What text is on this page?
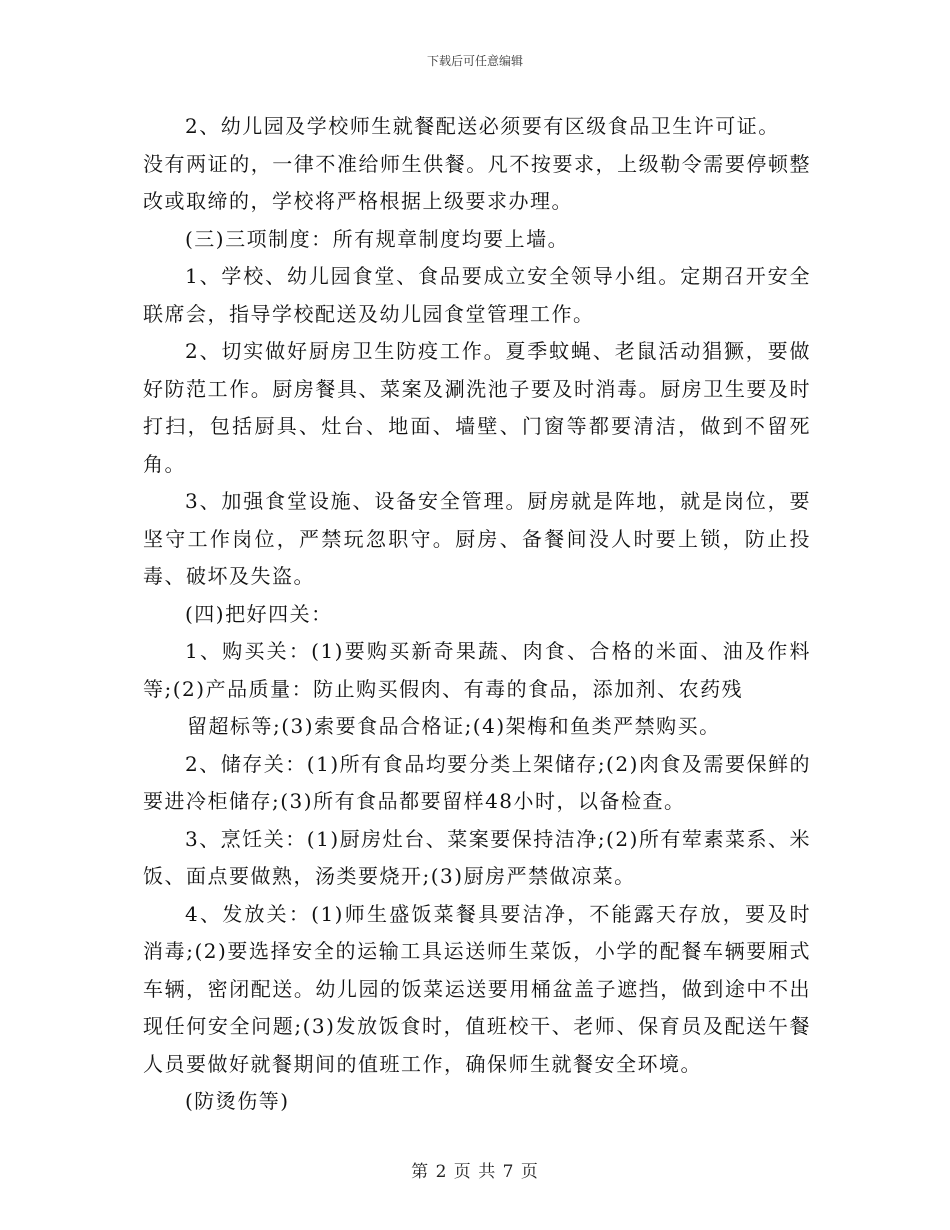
下载后可任意编辑

2、幼儿园及学校师生就餐配送必须要有区级食品卫生许可证。

没有两证的，一律不准给师生供餐。凡不按要求，上级勒令需要停顿整改或取缔的，学校将严格根据上级要求办理。

(三)三项制度：所有规章制度均要上墙。

1、学校、幼儿园食堂、食品要成立安全领导小组。定期召开安全联席会，指导学校配送及幼儿园食堂管理工作。

2、切实做好厨房卫生防疫工作。夏季蚊蝇、老鼠活动猖獗，要做好防范工作。厨房餐具、菜案及涮洗池子要及时消毒。厨房卫生要及时打扫，包括厨具、灶台、地面、墙壁、门窗等都要清洁，做到不留死角。

3、加强食堂设施、设备安全管理。厨房就是阵地，就是岗位，要坚守工作岗位，严禁玩忽职守。厨房、备餐间没人时要上锁，防止投毒、破坏及失盗。

(四)把好四关：

1、购买关：(1)要购买新奇果蔬、肉食、合格的米面、油及作料等;(2)产品质量：防止购买假肉、有毒的食品，添加剂、农药残

留超标等;(3)索要食品合格证;(4)架梅和鱼类严禁购买。

2、储存关：(1)所有食品均要分类上架储存;(2)肉食及需要保鲜的要进冷柜储存;(3)所有食品都要留样48小时，以备检查。

3、烹饪关：(1)厨房灶台、菜案要保持洁净;(2)所有荤素菜系、米饭、面点要做熟，汤类要烧开;(3)厨房严禁做凉菜。

4、发放关：(1)师生盛饭菜餐具要洁净，不能露天存放，要及时消毒;(2)要选择安全的运输工具运送师生菜饭，小学的配餐车辆要厢式车辆，密闭配送。幼儿园的饭菜运送要用桶盆盖子遮挡，做到途中不出现任何安全问题;(3)发放饭食时，值班校干、老师、保育员及配送午餐人员要做好就餐期间的值班工作，确保师生就餐安全环境。

(防烫伤等)

第 2 页 共 7 页
